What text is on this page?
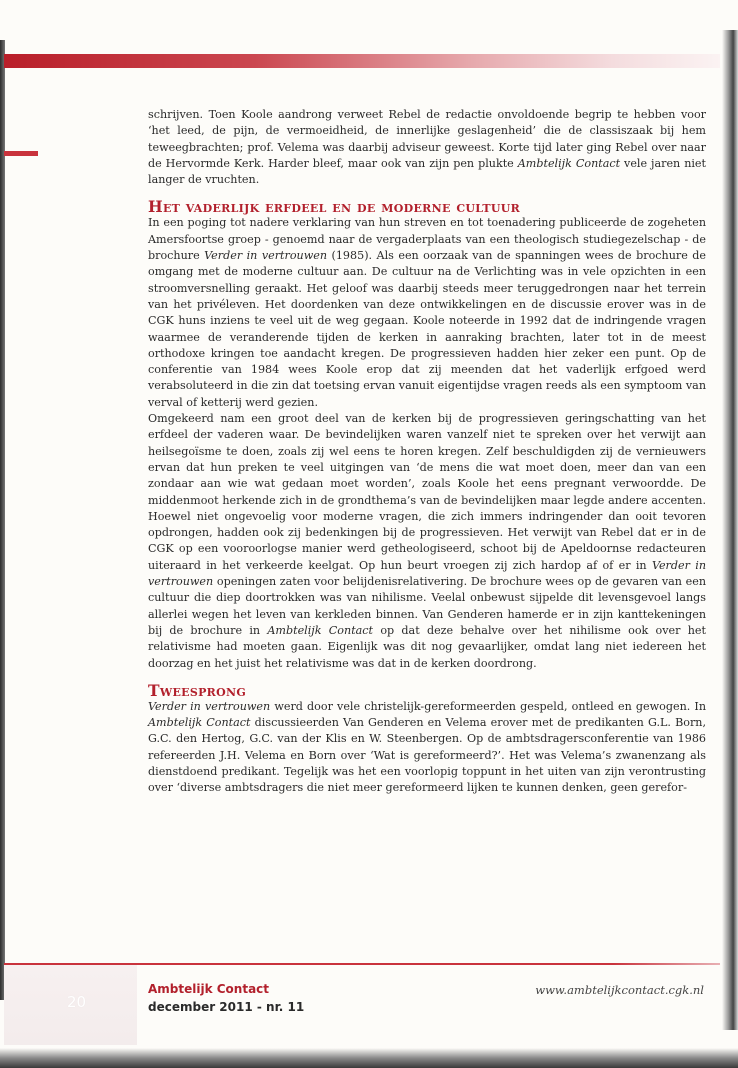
schrijven. Toen Koole aandrong verweet Rebel de redactie onvoldoende begrip te hebben voor ‘het leed, de pijn, de vermoeidheid, de innerlijke geslagenheid’ die de classiszaak bij hem teweegbrachten; prof. Velema was daarbij adviseur geweest. Korte tijd later ging Rebel over naar de Hervormde Kerk. Harder bleef, maar ook van zijn pen plukte Ambtelijk Contact vele jaren niet langer de vruchten.

Het vaderlijk erfdeel en de moderne cultuur

In een poging tot nadere verklaring van hun streven en tot toenadering publiceerde de zogeheten Amersfoortse groep - genoemd naar de vergaderplaats van een theologisch studiegezelschap - de brochure Verder in vertrouwen (1985). Als een oorzaak van de spanningen wees de brochure de omgang met de moderne cultuur aan. De cultuur na de Verlichting was in vele opzichten in een stroomversnelling geraakt. Het geloof was daarbij steeds meer teruggedrongen naar het terrein van het privéleven. Het doordenken van deze ontwikkelingen en de discussie erover was in de CGK huns inziens te veel uit de weg gegaan. Koole noteerde in 1992 dat de indringende vragen waarmee de veranderende tijden de kerken in aanraking brachten, later tot in de meest orthodoxe kringen toe aandacht kregen. De progressieven hadden hier zeker een punt. Op de conferentie van 1984 wees Koole erop dat zij meenden dat het vaderlijk erfgoed werd verabsoluteerd in die zin dat toetsing ervan vanuit eigentijdse vragen reeds als een symptoom van verval of ketterij werd gezien.

Omgekeerd nam een groot deel van de kerken bij de progressieven geringschatting van het erfdeel der vaderen waar. De bevindelijken waren vanzelf niet te spreken over het verwijt aan heilsegoïsme te doen, zoals zij wel eens te horen kregen. Zelf beschuldigden zij de vernieuwers ervan dat hun preken te veel uitgingen van ‘de mens die wat moet doen, meer dan van een zondaar aan wie wat gedaan moet worden’, zoals Koole het eens pregnant verwoordde. De middenmoot herkende zich in de grondthema’s van de bevindelijken maar legde andere accenten. Hoewel niet ongevoelig voor moderne vragen, die zich immers indringender dan ooit tevoren opdrongen, hadden ook zij bedenkingen bij de progressieven. Het verwijt van Rebel dat er in de CGK op een vooroorlogse manier werd getheologiseerd, schoot bij de Apeldoornse redacteuren uiteraard in het verkeerde keelgat. Op hun beurt vroegen zij zich hardop af of er in Verder in vertrouwen openingen zaten voor belijdenisrelativering. De brochure wees op de gevaren van een cultuur die diep doortrokken was van nihilisme. Veelal onbewust sijpelde dit levensgevoel langs allerlei wegen het leven van kerkleden binnen. Van Genderen hamerde er in zijn kanttekeningen bij de brochure in Ambtelijk Contact op dat deze behalve over het nihilisme ook over het relativisme had moeten gaan. Eigenlijk was dit nog gevaarlijker, omdat lang niet iedereen het doorzag en het juist het relativisme was dat in de kerken doordrong.

Tweesprong

Verder in vertrouwen werd door vele christelijk-gereformeerden gespeld, ontleed en gewogen. In Ambtelijk Contact discussieerden Van Genderen en Velema erover met de predikanten G.L. Born, G.C. den Hertog, G.C. van der Klis en W. Steenbergen. Op de ambtsdragersconferentie van 1986 refereerden J.H. Velema en Born over ‘Wat is gereformeerd?’. Het was Velema’s zwanenzang als dienstdoend predikant. Tegelijk was het een voorlopig toppunt in het uiten van zijn verontrusting over ‘diverse ambtsdragers die niet meer gereformeerd lijken te kunnen denken, geen gerefor-

20
Ambtelijk Contact
december 2011 - nr. 11
www.ambtelijkcontact.cgk.nl
